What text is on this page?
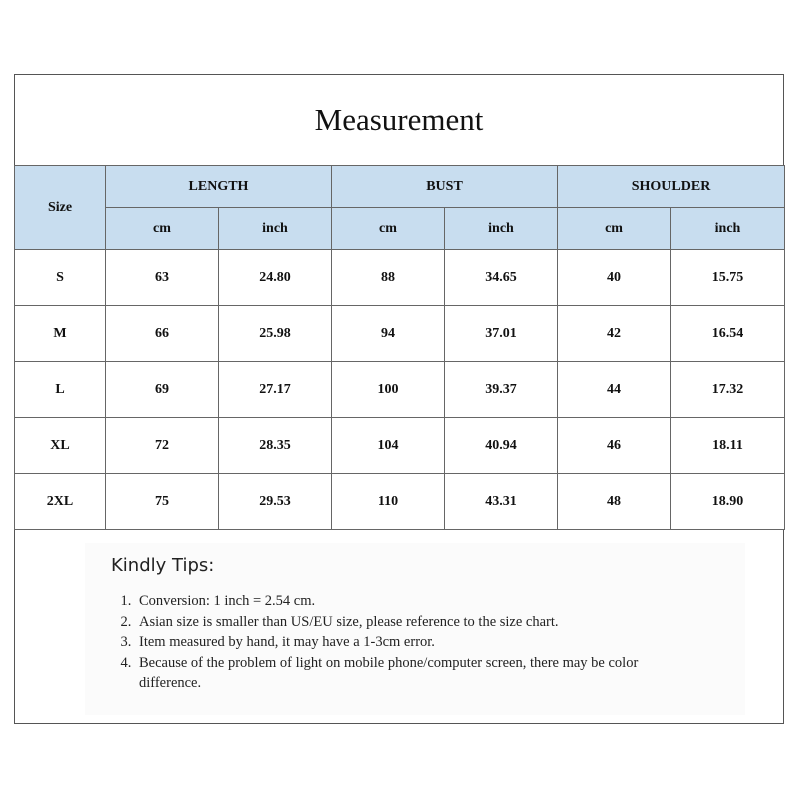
Measurement
Size	LENGTH		BUST		SHOULDER	
	cm	inch	cm	inch	cm	inch
S	63	24.80	88	34.65	40	15.75
M	66	25.98	94	37.01	42	16.54
L	69	27.17	100	39.37	44	17.32
XL	72	28.35	104	40.94	46	18.11
2XL	75	29.53	110	43.31	48	18.90
Kindly Tips:
1. Conversion: 1 inch = 2.54 cm.
2. Asian size is smaller than US/EU size, please reference to the size chart.
3. Item measured by hand, it may have a 1-3cm error.
4. Because of the problem of light on mobile phone/computer screen, there may be color difference.
